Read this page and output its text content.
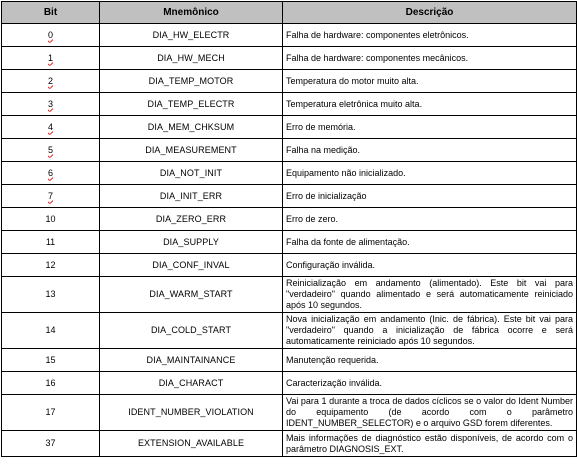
Bit	Mnemônico	Descrição
0	DIA_HW_ELECTR	Falha de hardware: componentes eletrônicos.
1	DIA_HW_MECH	Falha de hardware: componentes mecânicos.
2	DIA_TEMP_MOTOR	Temperatura do motor muito alta.
3	DIA_TEMP_ELECTR	Temperatura eletrônica muito alta.
4	DIA_MEM_CHKSUM	Erro de memória.
5	DIA_MEASUREMENT	Falha na medição.
6	DIA_NOT_INIT	Equipamento não inicializado.
7	DIA_INIT_ERR	Erro de inicialização
10	DIA_ZERO_ERR	Erro de zero.
11	DIA_SUPPLY	Falha da fonte de alimentação.
12	DIA_CONF_INVAL	Configuração inválida.
13	DIA_WARM_START	Reinicialização em andamento (alimentado). Este bit vai para "verdadeiro" quando alimentado e será automaticamente reiniciado após 10 segundos.
14	DIA_COLD_START	Nova inicialização em andamento (Inic. de fábrica). Este bit vai para "verdadeiro" quando a inicialização de fábrica ocorre e será automaticamente reiniciado após 10 segundos.
15	DIA_MAINTAINANCE	Manutenção requerida.
16	DIA_CHARACT	Caracterização inválida.
17	IDENT_NUMBER_VIOLATION	Vai para 1 durante a troca de dados cíclicos se o valor do Ident Number do equipamento (de acordo com o parâmetro IDENT_NUMBER_SELECTOR) e o arquivo GSD forem diferentes.
37	EXTENSION_AVAILABLE	Mais informações de diagnóstico estão disponíveis, de acordo com o parâmetro DIAGNOSIS_EXT.
